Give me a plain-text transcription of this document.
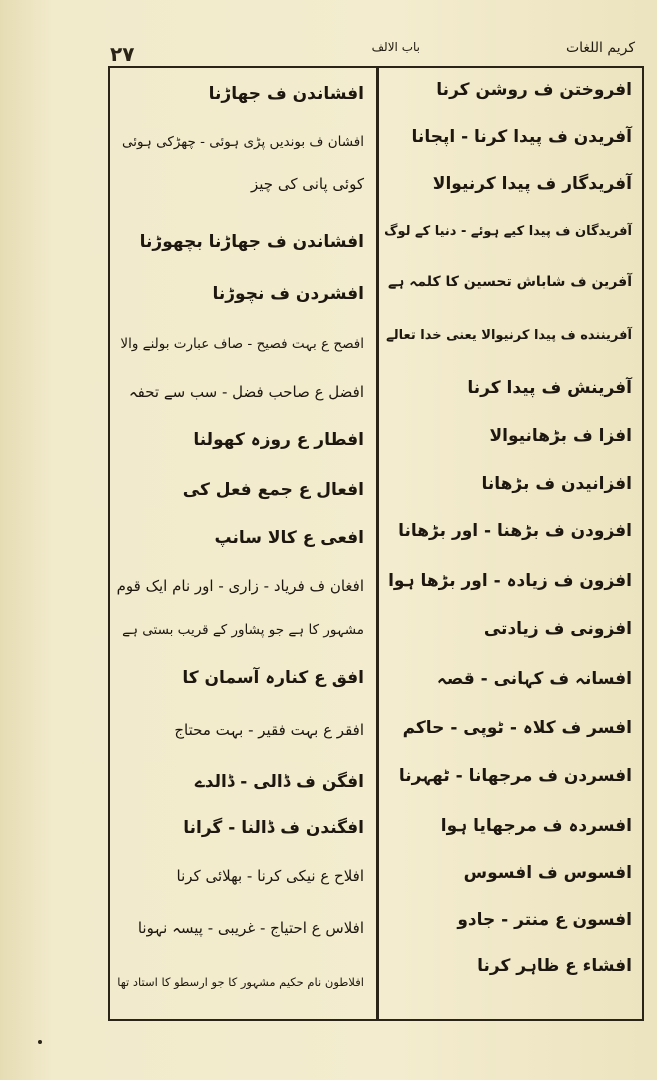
کریم اللغات
باب الالف
۲۷
افروختن ف روشن کرنا
آفریدن ف پیدا کرنا - اپجانا
آفریدگار ف پیدا کرنیوالا
آفریدگان ف پیدا کیے ہوئے - دنیا کے لوگ
آفرین ف شاباش تحسین کا کلمہ ہے
آفریننده ف پیدا کرنیوالا یعنی خدا تعالے
آفرینش ف پیدا کرنا
افزا ف بڑھانیوالا
افزانیدن ف بڑھانا
افزودن ف بڑھنا - اور بڑھانا
افزون ف زیادہ - اور بڑھا ہوا
افزونی ف زیادتی
افسانہ ف کہانی - قصہ
افسر ف کلاہ - ٹوپی - حاکم
افسردن ف مرجھانا - ٹھہرنا
افسردہ ف مرجھایا ہوا
افسوس ف افسوس
افسون ع منتر - جادو
افشاء ع ظاہر کرنا
افشاندن ف جھاڑنا
افشان ف بوندیں پڑی ہوئی - چھڑکی ہوئی
کوئی پانی کی چیز
افشاندن ف جھاڑنا بچھوڑنا
افشردن ف نچوڑنا
افصح ع بہت فصیح - صاف عبارت بولنے والا
افضل ع صاحب فضل - سب سے تحفہ
افطار ع روزہ کھولنا
افعال ع جمع فعل کی
افعی ع کالا سانپ
افغان ف فریاد - زاری - اور نام ایک قوم
مشہور کا ہے جو پشاور کے قریب بستی ہے
افق ع کنارہ آسمان کا
افقر ع بہت فقیر - بہت محتاج
افگن ف ڈالی - ڈالدے
افگندن ف ڈالنا - گرانا
افلاح ع نیکی کرنا - بھلائی کرنا
افلاس ع احتیاج - غریبی - پیسہ نہونا
افلاطون نام حکیم مشہور کا جو ارسطو کا استاد تھا
